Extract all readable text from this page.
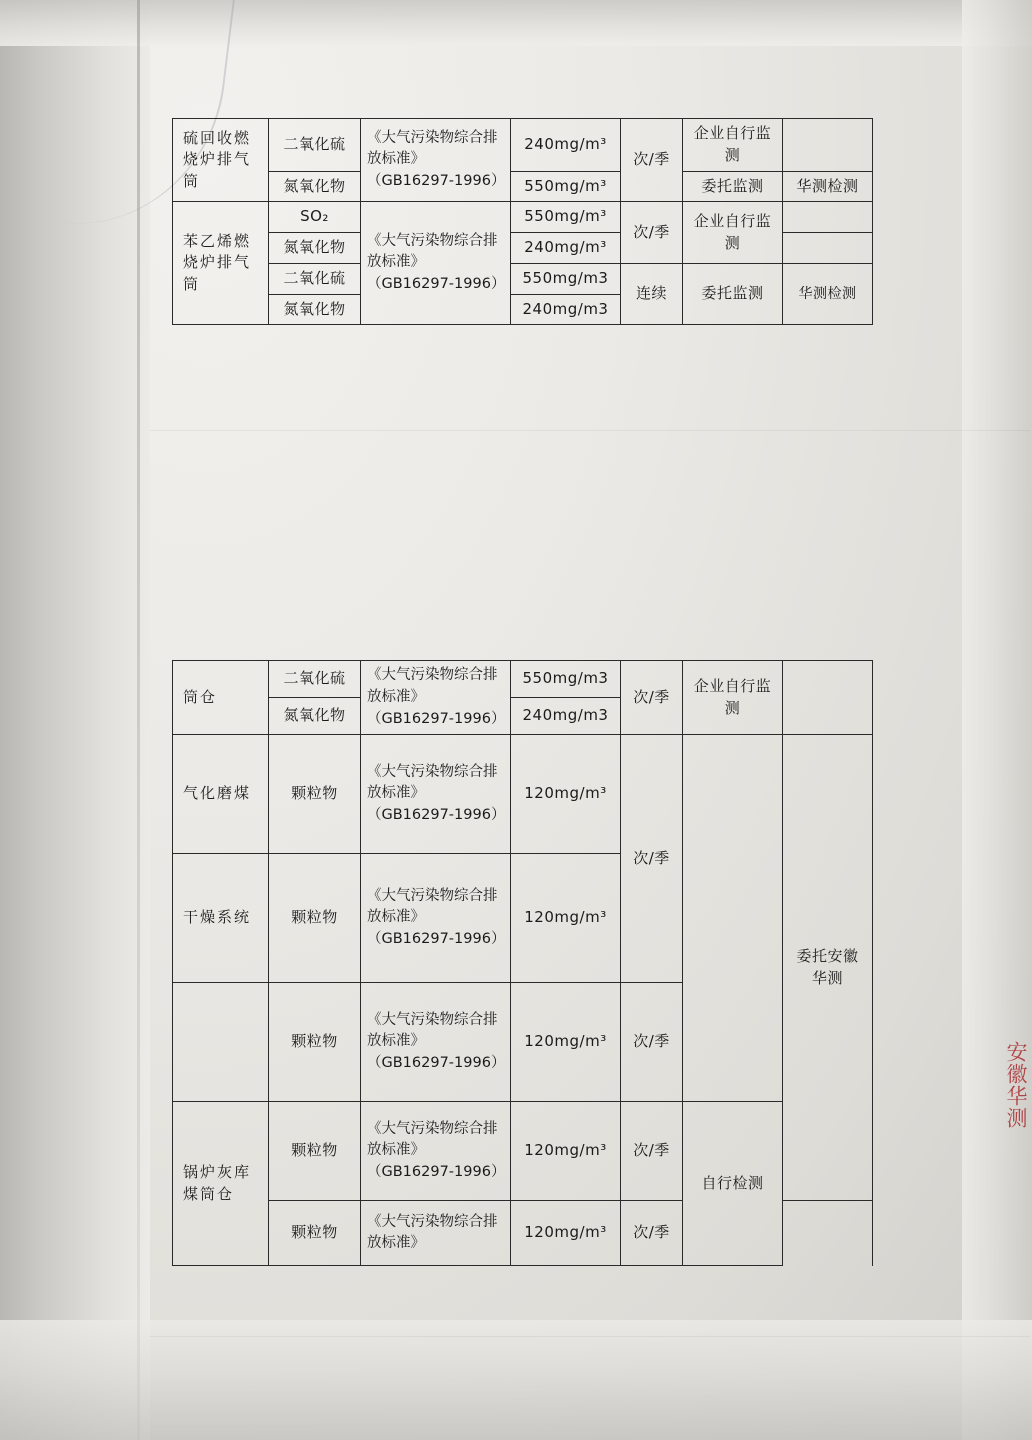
硫回收燃烧炉排气筒	二氧化硫	《大气污染物综合排放标准》（GB16297-1996）	240mg/m³	次/季	企业自行监测	
	氮氧化物		550mg/m³		委托监测	华测检测
苯乙烯燃烧炉排气筒	SO₂	《大气污染物综合排放标准》（GB16297-1996）	550mg/m³	次/季	企业自行监测	
	氮氧化物		240mg/m³			
	二氧化硫		550mg/m3	连续	委托监测	华测检测
	氮氧化物		240mg/m3			
筒仓	二氧化硫	《大气污染物综合排放标准》（GB16297-1996）	550mg/m3	次/季	企业自行监测		
	氮氧化物		240mg/m3				
气化磨煤	颗粒物	《大气污染物综合排放标准》（GB16297-1996）	120mg/m³	次/季		委托安徽华测	
干燥系统	颗粒物	《大气污染物综合排放标准》（GB16297-1996）	120mg/m³				
	颗粒物	《大气污染物综合排放标准》（GB16297-1996）	120mg/m³	次/季			
锅炉灰库煤筒仓	颗粒物	《大气污染物综合排放标准》（GB16297-1996）	120mg/m³	次/季	自行检测		
	颗粒物	《大气污染物综合排放标准》	120mg/m³	次/季			
安徽华测
